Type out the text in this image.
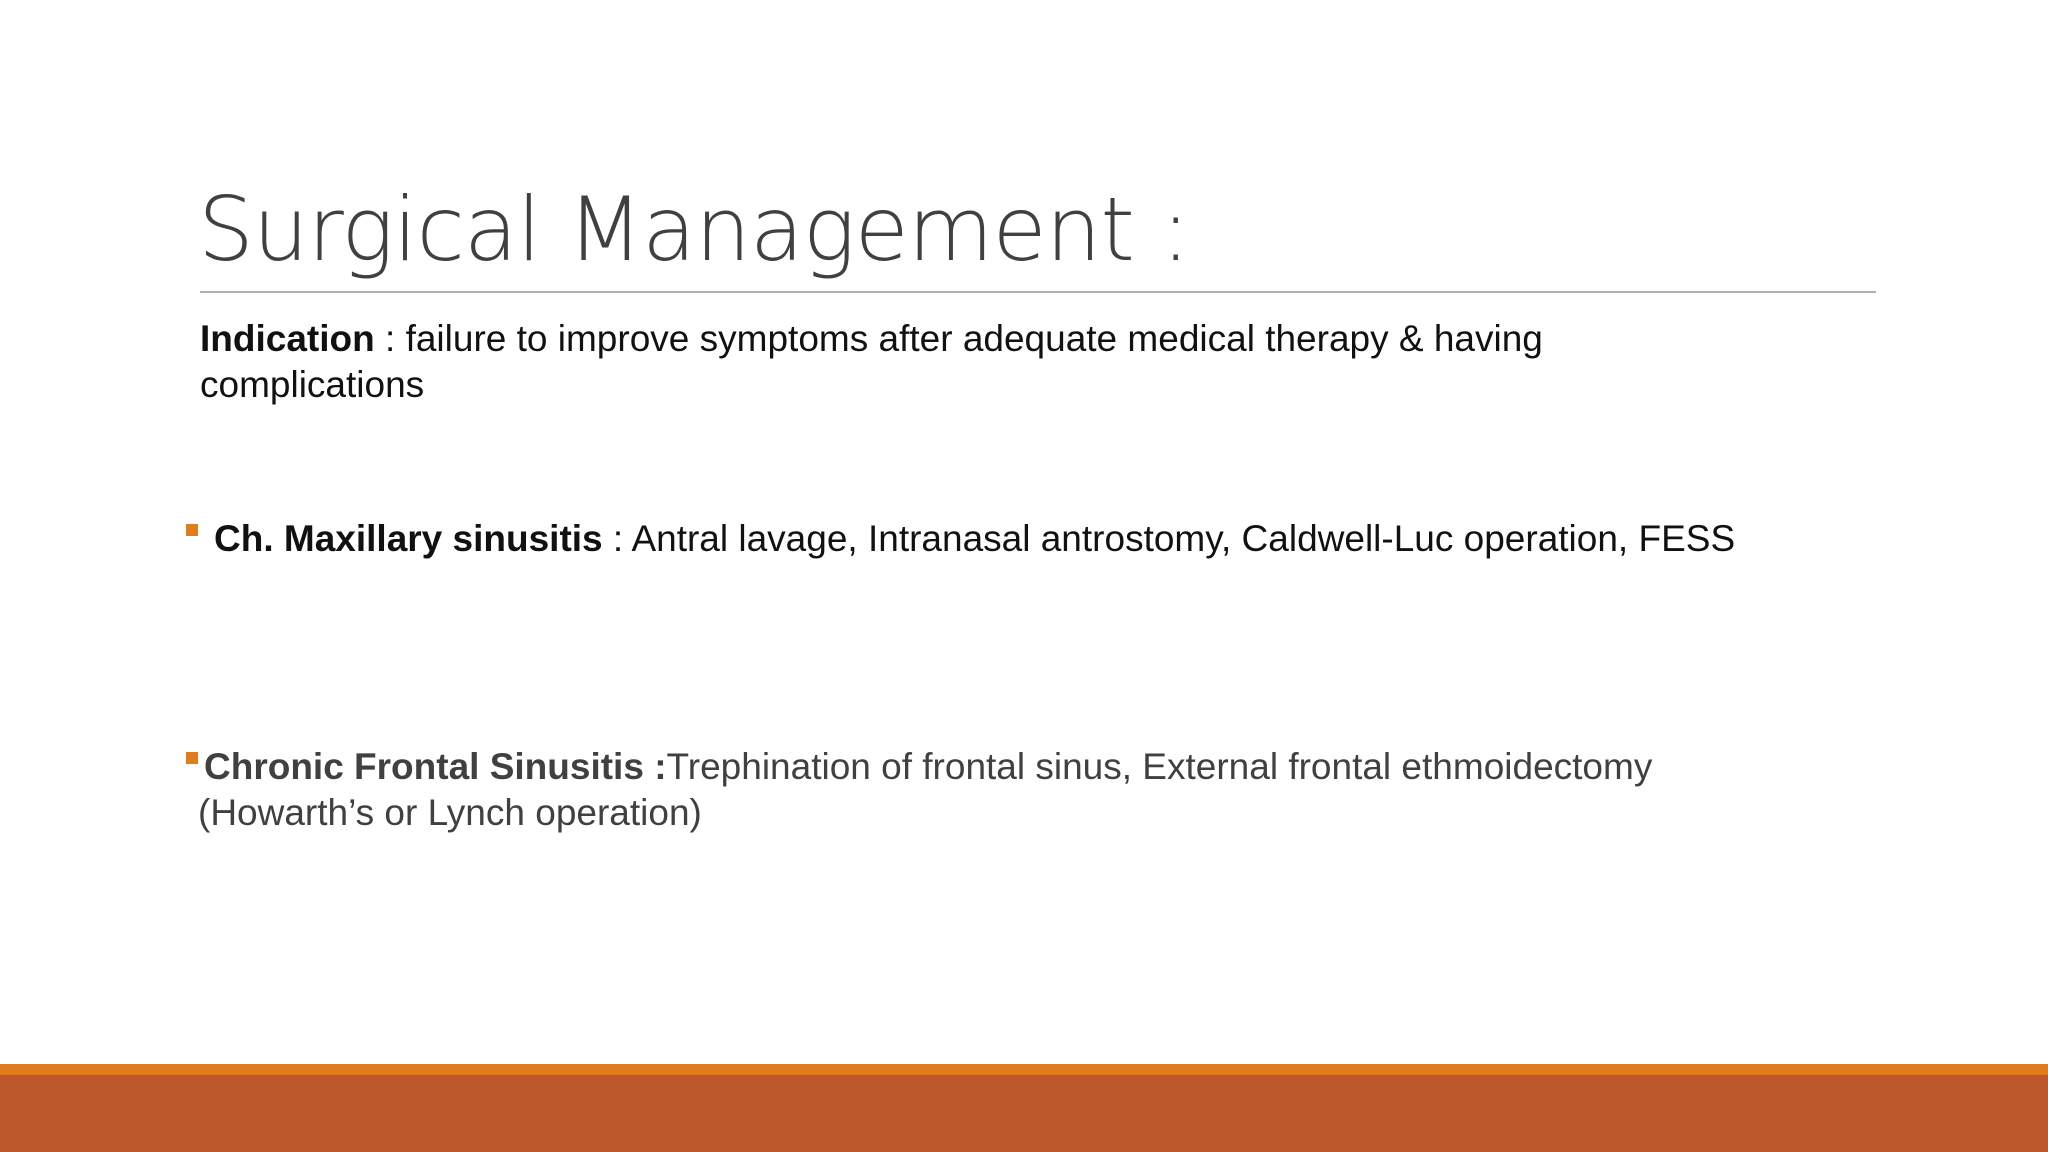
Surgical Management :

Indication : failure to improve symptoms after adequate medical therapy & having complications

Ch. Maxillary sinusitis : Antral lavage, Intranasal antrostomy, Caldwell-Luc operation, FESS
Chronic Frontal Sinusitis :Trephination of frontal sinus, External frontal ethmoidectomy
(Howarth’s or Lynch operation)
